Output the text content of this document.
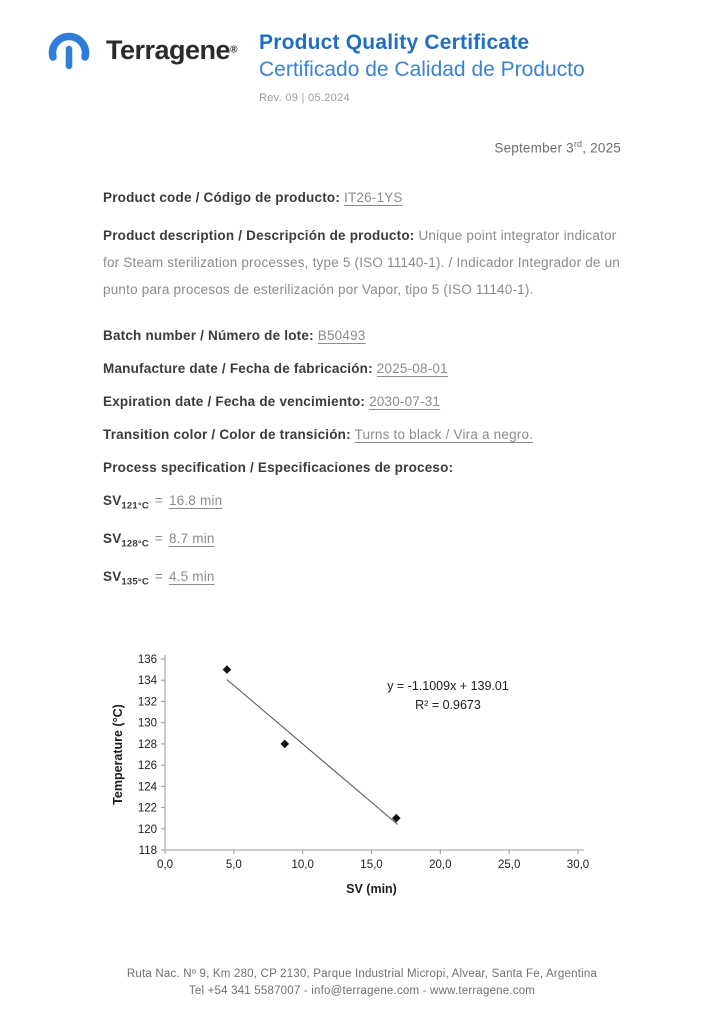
Terragene® Product Quality Certificate
Certificado de Calidad de Producto
Rev. 09 | 05.2024
September 3rd, 2025

Product code / Código de producto: IT26-1YS

Product description / Descripción de producto: Unique point integrator indicator for Steam sterilization processes, type 5 (ISO 11140-1). / Indicador Integrador de un punto para procesos de esterilización por Vapor, tipo 5 (ISO 11140-1).

Batch number / Número de lote: B50493

Manufacture date / Fecha de fabricación: 2025-08-01

Expiration date / Fecha de vencimiento: 2030-07-31

Transition color / Color de transición: Turns to black / Vira a negro.

Process specification / Especificaciones de proceso:

$SV_{121^\circ C} = 16.8$ min

$SV_{128^\circ C} = 8.7$ min

$SV_{135^\circ C} = 4.5$ min

118
120
122
124
126
128
130
132
134
136
0,0	5,0	10,0	15,0	20,0	25,0	30,0
y = -1.1009x + 139.01
R² = 0.9673
SV (min)
Temperature (°C)
Ruta Nac. Nº 9, Km 280, CP 2130, Parque Industrial Micropi, Alvear, Santa Fe, Argentina
Tel +54 341 5587007 - info@terragene.com - www.terragene.com
